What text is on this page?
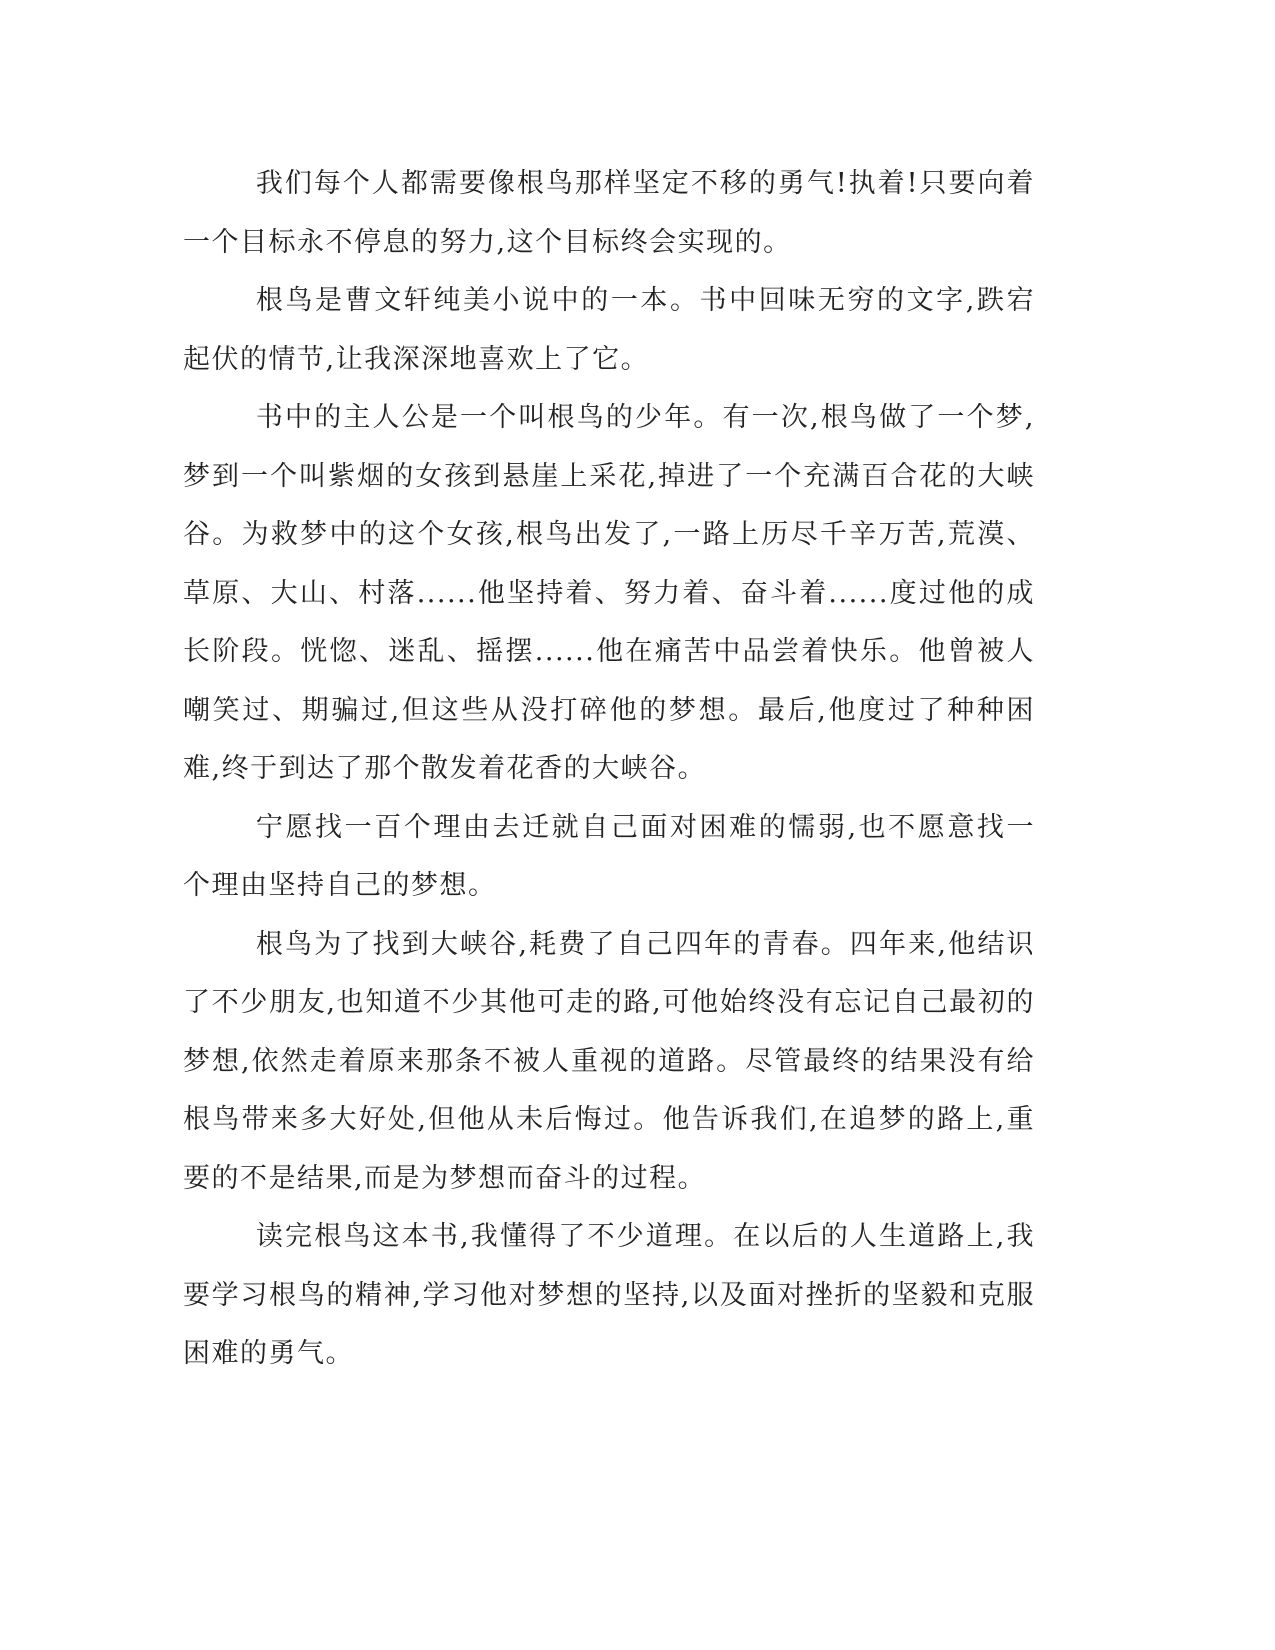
我们每个人都需要像根鸟那样坚定不移的勇气!执着!只要向着一个目标永不停息的努力,这个目标终会实现的。

根鸟是曹文轩纯美小说中的一本。书中回味无穷的文字,跌宕起伏的情节,让我深深地喜欢上了它。

书中的主人公是一个叫根鸟的少年。有一次,根鸟做了一个梦,梦到一个叫紫烟的女孩到悬崖上采花,掉进了一个充满百合花的大峡谷。为救梦中的这个女孩,根鸟出发了,一路上历尽千辛万苦,荒漠、草原、大山、村落......他坚持着、努力着、奋斗着......度过他的成长阶段。恍惚、迷乱、摇摆......他在痛苦中品尝着快乐。他曾被人嘲笑过、期骗过,但这些从没打碎他的梦想。最后,他度过了种种困难,终于到达了那个散发着花香的大峡谷。

宁愿找一百个理由去迁就自己面对困难的懦弱,也不愿意找一个理由坚持自己的梦想。

根鸟为了找到大峡谷,耗费了自己四年的青春。四年来,他结识了不少朋友,也知道不少其他可走的路,可他始终没有忘记自己最初的梦想,依然走着原来那条不被人重视的道路。尽管最终的结果没有给根鸟带来多大好处,但他从未后悔过。他告诉我们,在追梦的路上,重要的不是结果,而是为梦想而奋斗的过程。

读完根鸟这本书,我懂得了不少道理。在以后的人生道路上,我要学习根鸟的精神,学习他对梦想的坚持,以及面对挫折的坚毅和克服困难的勇气。
